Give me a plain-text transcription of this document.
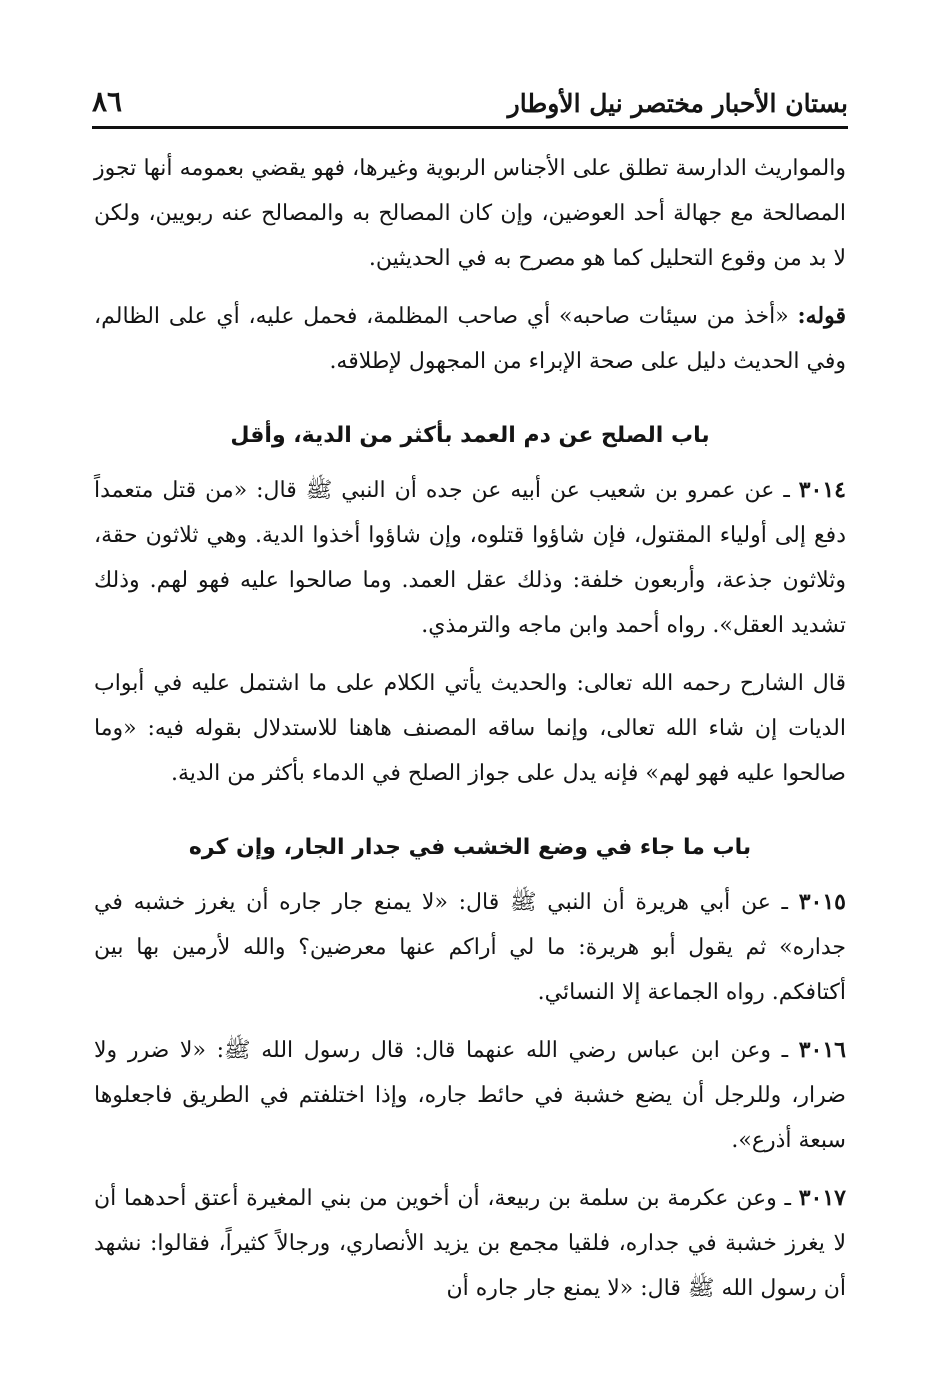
بستان الأحبار مختصر نيل الأوطار
٨٦

والمواريث الدارسة تطلق على الأجناس الربوية وغيرها، فهو يقضي بعمومه أنها تجوز المصالحة مع جهالة أحد العوضين، وإن كان المصالح به والمصالح عنه ربويين، ولكن لا بد من وقوع التحليل كما هو مصرح به في الحديثين.

قوله: «أخذ من سيئات صاحبه» أي صاحب المظلمة، فحمل عليه، أي على الظالم، وفي الحديث دليل على صحة الإبراء من المجهول لإطلاقه.

باب الصلح عن دم العمد بأكثر من الدية، وأقل

٣٠١٤ ـ عن عمرو بن شعيب عن أبيه عن جده أن النبي ﷺ قال: «من قتل متعمداً دفع إلى أولياء المقتول، فإن شاؤوا قتلوه، وإن شاؤوا أخذوا الدية. وهي ثلاثون حقة، وثلاثون جذعة، وأربعون خلفة: وذلك عقل العمد. وما صالحوا عليه فهو لهم. وذلك تشديد العقل». رواه أحمد وابن ماجه والترمذي.

قال الشارح رحمه الله تعالى: والحديث يأتي الكلام على ما اشتمل عليه في أبواب الديات إن شاء الله تعالى، وإنما ساقه المصنف هاهنا للاستدلال بقوله فيه: «وما صالحوا عليه فهو لهم» فإنه يدل على جواز الصلح في الدماء بأكثر من الدية.

باب ما جاء في وضع الخشب في جدار الجار، وإن كره

٣٠١٥ ـ عن أبي هريرة أن النبي ﷺ قال: «لا يمنع جار جاره أن يغرز خشبه في جداره» ثم يقول أبو هريرة: ما لي أراكم عنها معرضين؟ والله لأرمين بها بين أكتافكم. رواه الجماعة إلا النسائي.

٣٠١٦ ـ وعن ابن عباس رضي الله عنهما قال: قال رسول الله ﷺ: «لا ضرر ولا ضرار، وللرجل أن يضع خشبة في حائط جاره، وإذا اختلفتم في الطريق فاجعلوها سبعة أذرع».

٣٠١٧ ـ وعن عكرمة بن سلمة بن ربيعة، أن أخوين من بني المغيرة أعتق أحدهما أن لا يغرز خشبة في جداره، فلقيا مجمع بن يزيد الأنصاري، ورجالاً كثيراً، فقالوا: نشهد أن رسول الله ﷺ قال: «لا يمنع جار جاره أن
